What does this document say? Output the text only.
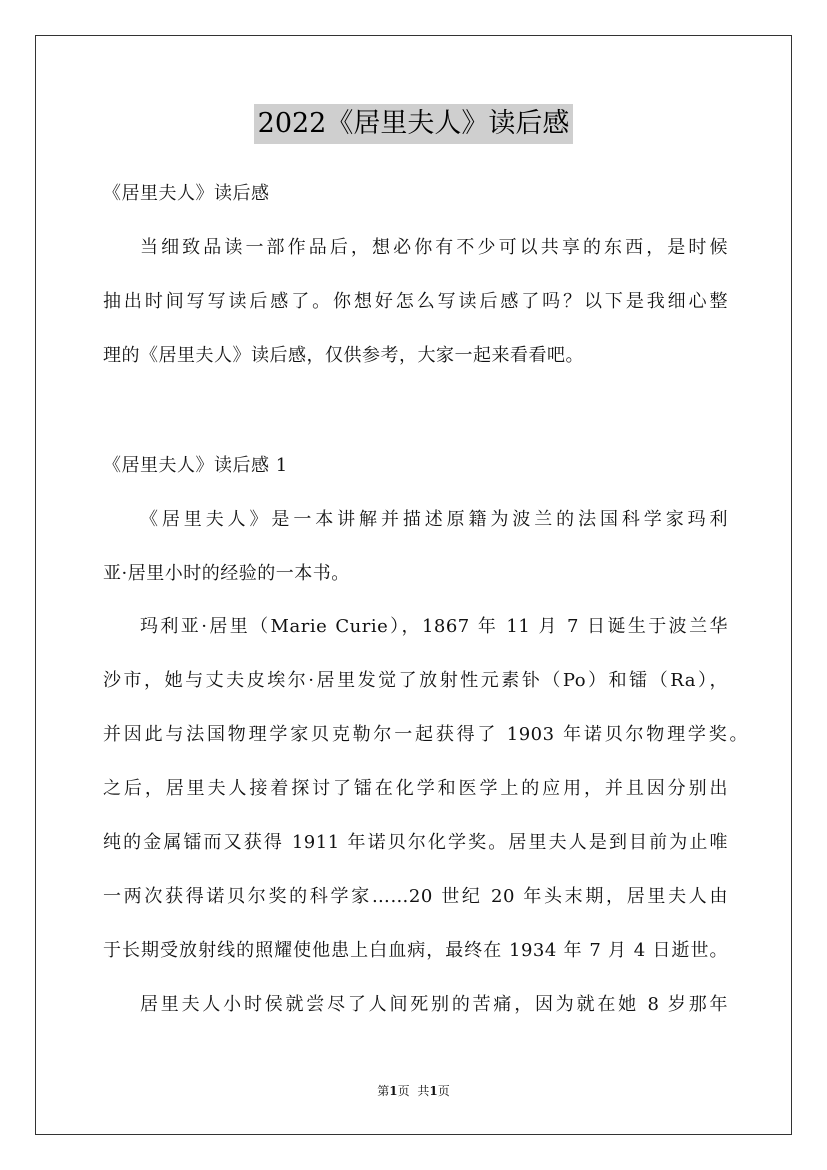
2022《居里夫人》读后感
《居里夫人》读后感
当细致品读一部作品后，想必你有不少可以共享的东西，是时候
抽出时间写写读后感了。你想好怎么写读后感了吗？以下是我细心整
理的《居里夫人》读后感，仅供参考，大家一起来看看吧。
《居里夫人》读后感 1
《居里夫人》是一本讲解并描述原籍为波兰的法国科学家玛利
亚·居里小时的经验的一本书。
玛利亚·居里（Marie Curie），1867 年 11 月 7 日诞生于波兰华
沙市，她与丈夫皮埃尔·居里发觉了放射性元素钋（Po）和镭（Ra），
并因此与法国物理学家贝克勒尔一起获得了 1903 年诺贝尔物理学奖。
之后，居里夫人接着探讨了镭在化学和医学上的应用，并且因分别出
纯的金属镭而又获得 1911 年诺贝尔化学奖。居里夫人是到目前为止唯
一两次获得诺贝尔奖的科学家……20 世纪 20 年头末期，居里夫人由
于长期受放射线的照耀使他患上白血病，最终在 1934 年 7 月 4 日逝世。
居里夫人小时侯就尝尽了人间死别的苦痛，因为就在她 8 岁那年
第1页 共1页
